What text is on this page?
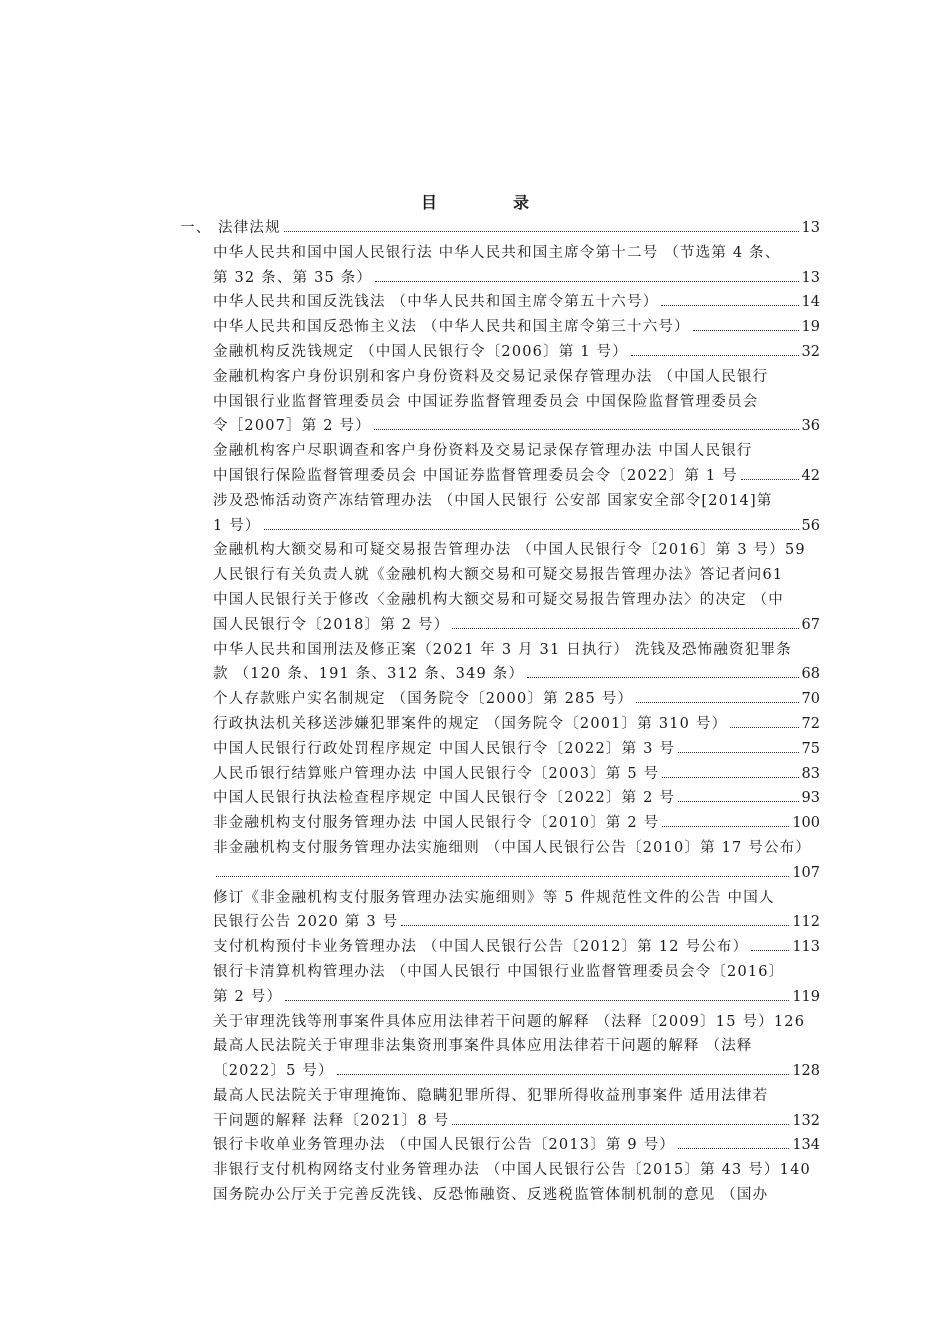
目　录
一、 法律法规	13
中华人民共和国中国人民银行法 中华人民共和国主席令第十二号 （节选第 4 条、
第 32 条、第 35 条）	13
中华人民共和国反洗钱法 （中华人民共和国主席令第五十六号）	14
中华人民共和国反恐怖主义法 （中华人民共和国主席令第三十六号）	19
金融机构反洗钱规定 （中国人民银行令〔2006〕第 1 号）	32
金融机构客户身份识别和客户身份资料及交易记录保存管理办法 （中国人民银行
中国银行业监督管理委员会 中国证券监督管理委员会 中国保险监督管理委员会
令［2007］第 2 号）	36
金融机构客户尽职调查和客户身份资料及交易记录保存管理办法 中国人民银行
中国银行保险监督管理委员会 中国证券监督管理委员会令〔2022〕第 1 号	42
涉及恐怖活动资产冻结管理办法 （中国人民银行 公安部 国家安全部令[2014]第
1 号）	56
金融机构大额交易和可疑交易报告管理办法 （中国人民银行令〔2016〕第 3 号）59
人民银行有关负责人就《金融机构大额交易和可疑交易报告管理办法》答记者问61
中国人民银行关于修改〈金融机构大额交易和可疑交易报告管理办法〉的决定 （中
国人民银行令〔2018〕第 2 号）	67
中华人民共和国刑法及修正案（2021 年 3 月 31 日执行） 洗钱及恐怖融资犯罪条
款 （120 条、191 条、312 条、349 条）	68
个人存款账户实名制规定 （国务院令〔2000〕第 285 号）	70
行政执法机关移送涉嫌犯罪案件的规定 （国务院令〔2001〕第 310 号）	72
中国人民银行行政处罚程序规定 中国人民银行令〔2022〕第 3 号	75
人民币银行结算账户管理办法 中国人民银行令〔2003〕第 5 号	83
中国人民银行执法检查程序规定 中国人民银行令〔2022〕第 2 号	93
非金融机构支付服务管理办法 中国人民银行令〔2010〕第 2 号	100
非金融机构支付服务管理办法实施细则 （中国人民银行公告〔2010〕第 17 号公布）
107
修订《非金融机构支付服务管理办法实施细则》等 5 件规范性文件的公告 中国人
民银行公告 2020 第 3 号	112
支付机构预付卡业务管理办法 （中国人民银行公告〔2012〕第 12 号公布）	113
银行卡清算机构管理办法 （中国人民银行 中国银行业监督管理委员会令〔2016〕
第 2 号）	119
关于审理洗钱等刑事案件具体应用法律若干问题的解释 （法释〔2009〕15 号）126
最高人民法院关于审理非法集资刑事案件具体应用法律若干问题的解释 （法释
〔2022〕5 号）	128
最高人民法院关于审理掩饰、隐瞒犯罪所得、犯罪所得收益刑事案件 适用法律若
干问题的解释 法释〔2021〕8 号	132
银行卡收单业务管理办法 （中国人民银行公告〔2013〕第 9 号）	134
非银行支付机构网络支付业务管理办法 （中国人民银行公告〔2015〕第 43 号）140
国务院办公厅关于完善反洗钱、反恐怖融资、反逃税监管体制机制的意见 （国办
